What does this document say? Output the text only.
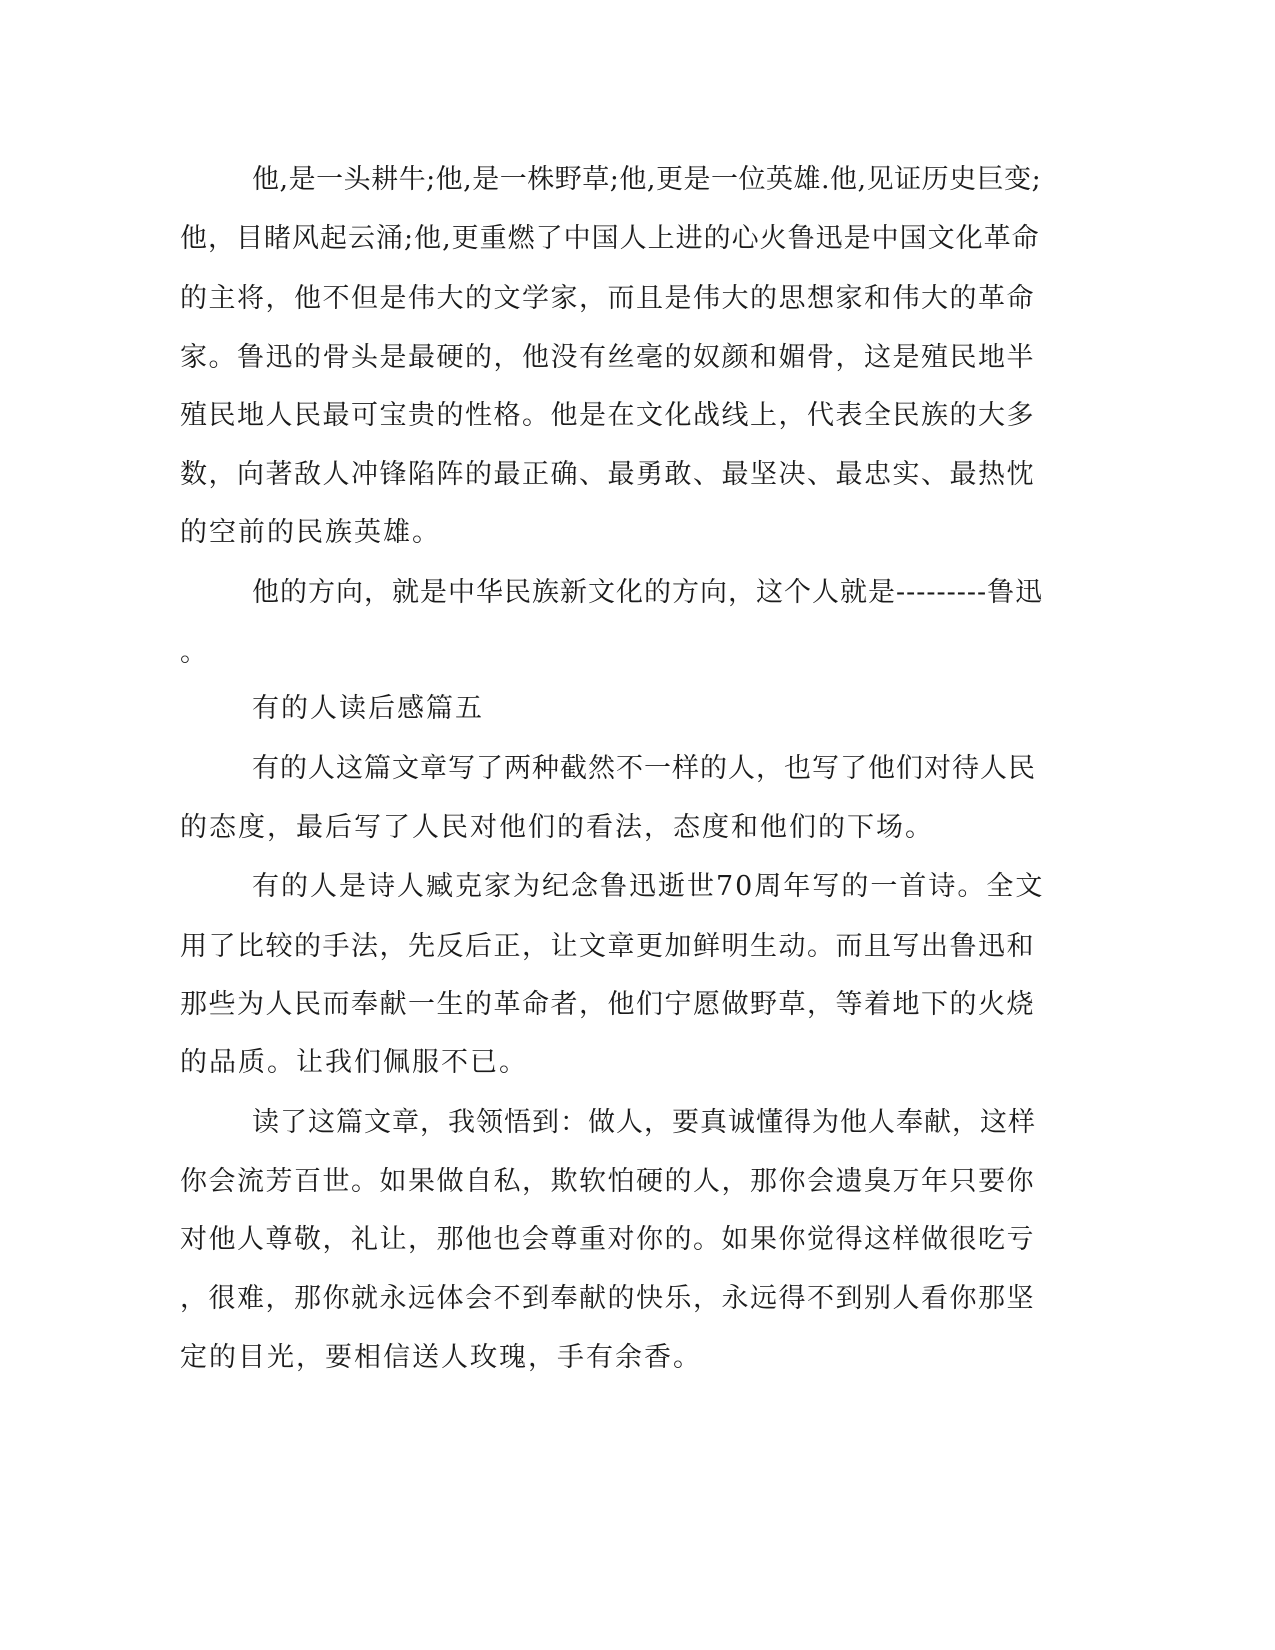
他,是一头耕牛;他,是一株野草;他,更是一位英雄.他,见证历史巨变;
他，目睹风起云涌;他,更重燃了中国人上进的心火鲁迅是中国文化革命
的主将，他不但是伟大的文学家，而且是伟大的思想家和伟大的革命
家。鲁迅的骨头是最硬的，他没有丝毫的奴颜和媚骨，这是殖民地半
殖民地人民最可宝贵的性格。他是在文化战线上，代表全民族的大多
数，向著敌人冲锋陷阵的最正确、最勇敢、最坚决、最忠实、最热忱
的空前的民族英雄。
他的方向，就是中华民族新文化的方向，这个人就是---------鲁迅
。
有的人读后感篇五
有的人这篇文章写了两种截然不一样的人，也写了他们对待人民
的态度，最后写了人民对他们的看法，态度和他们的下场。
有的人是诗人臧克家为纪念鲁迅逝世70周年写的一首诗。全文
用了比较的手法，先反后正，让文章更加鲜明生动。而且写出鲁迅和
那些为人民而奉献一生的革命者，他们宁愿做野草，等着地下的火烧
的品质。让我们佩服不已。
读了这篇文章，我领悟到：做人，要真诚懂得为他人奉献，这样
你会流芳百世。如果做自私，欺软怕硬的人，那你会遗臭万年只要你
对他人尊敬，礼让，那他也会尊重对你的。如果你觉得这样做很吃亏
，很难，那你就永远体会不到奉献的快乐，永远得不到别人看你那坚
定的目光，要相信送人玫瑰，手有余香。
